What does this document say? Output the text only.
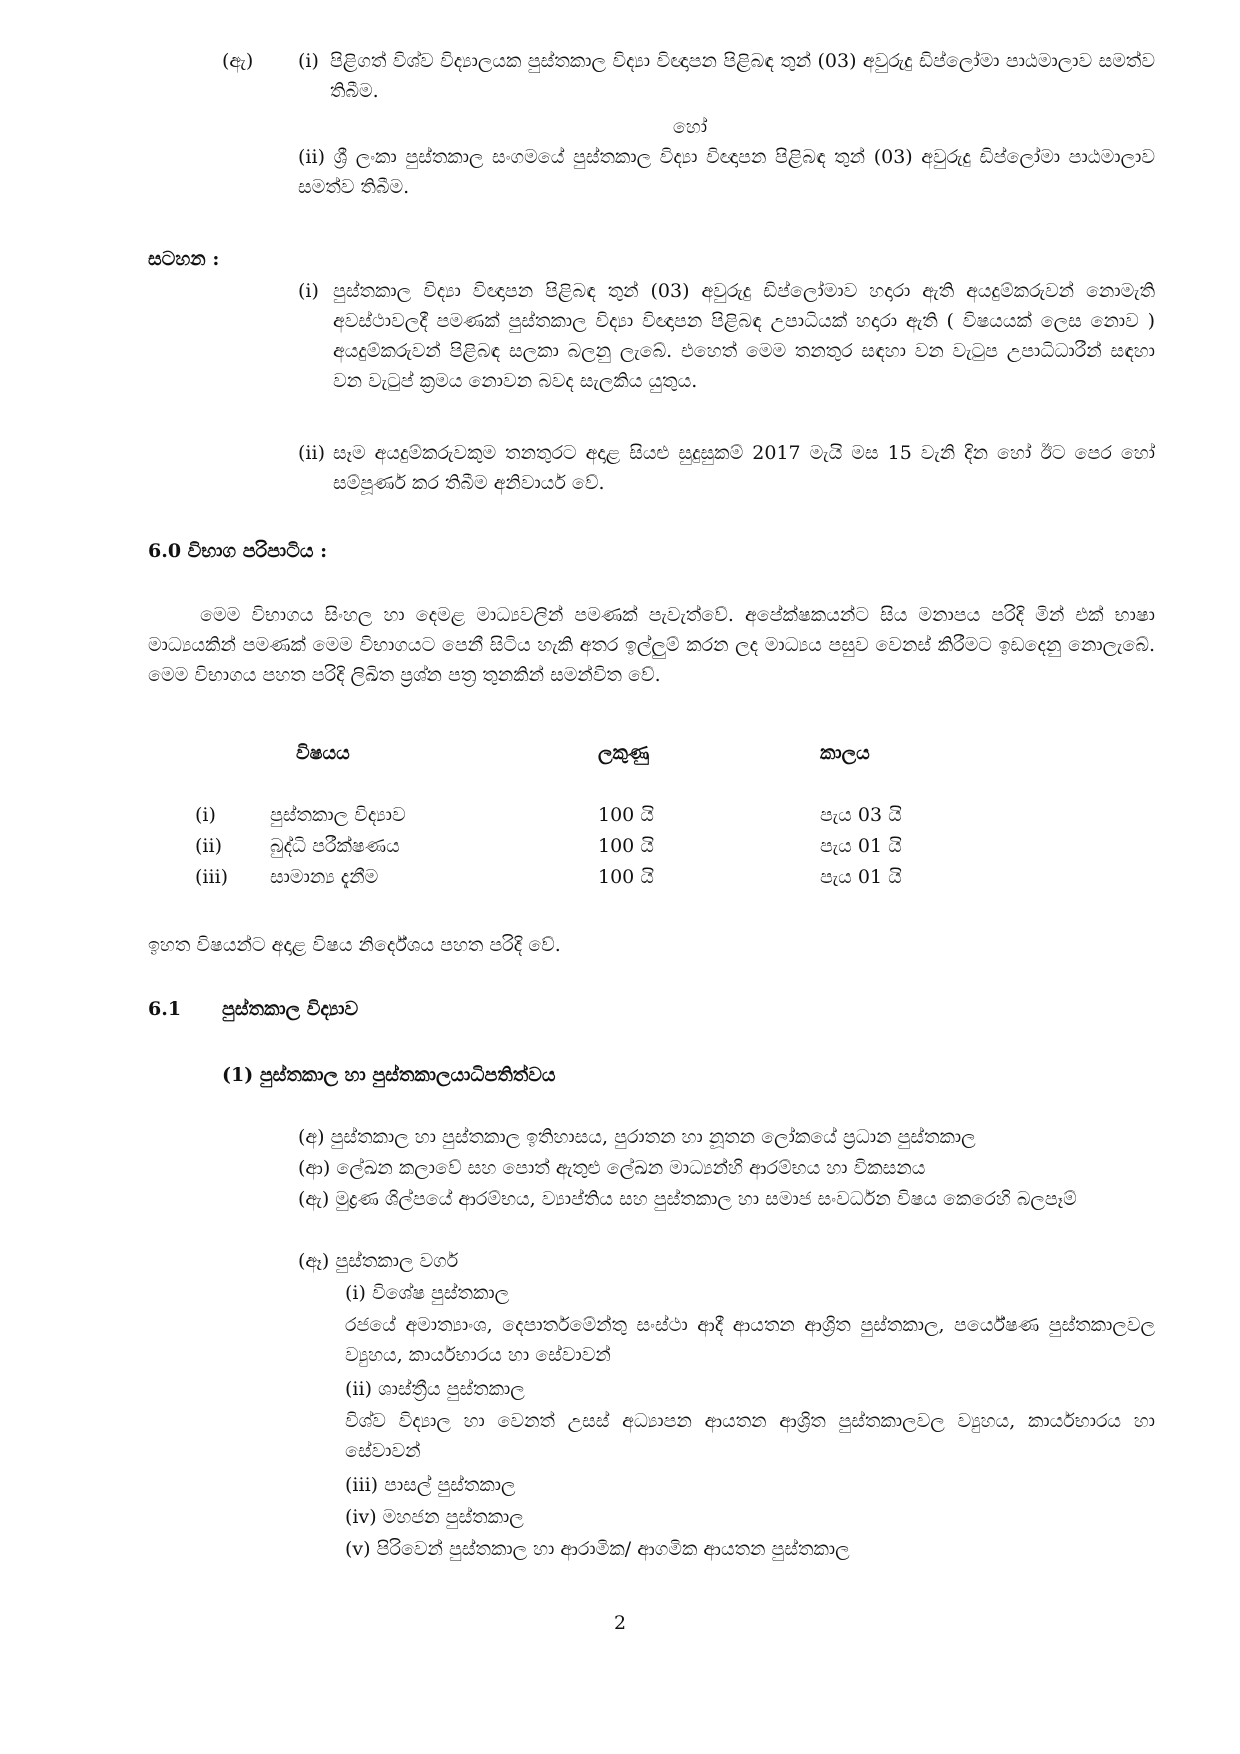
(ඇ) (i) පිළිගත් විශ්ව විද්‍යාලයක පුස්තකාල විද්‍යා විඥාපන පිළිබඳ තුන් (03) අවුරුදු ඩිප්ලෝමා පාඨමාලාව සමත්ව තිබීම.
හෝ
(ii) ශ්‍රී ලංකා පුස්තකාල සංගමයේ පුස්තකාල විද්‍යා විඥාපන පිළිබඳ තුන් (03) අවුරුදු ඩිප්ලෝමා පාඨමාලාව සමත්ව තිබීම.
සටහන :
(i) පුස්තකාල විද්‍යා විඥාපන පිළිබඳ තුන් (03) අවුරුදු ඩිප්ලෝමාව හදාරා ඇති අයදුම්කරුවන් නොමැති අවස්ථාවලදී පමණක් පුස්තකාල විද්‍යා විඥාපන පිළිබඳ උපාධියක් හදාරා ඇති ( විෂයයක් ලෙස නොව ) අයදුම්කරුවන් පිළිබඳ සලකා බලනු ලැබේ. එහෙත් මෙම තනතුර සඳහා වන වැටුප උපාධිධාරීන් සඳහා වන වැටුප් ක්‍රමය නොවන බවද සැලකිය යුතුය.
(ii) සෑම අයදුම්කරුවකුම තනතුරට අදාළ සියළු සුදුසුකම් 2017 මැයි මස 15 වැනි දින හෝ ඊට පෙර හෝ සම්පූර්ණ කර තිබීම අනිවාර්ය වේ.
6.0 විභාග පරිපාටිය :
මෙම විභාගය සිංහල හා දෙමළ මාධ්‍යවලින් පමණක් පැවැත්වේ. අපේක්ෂකයන්ට සිය මනාපය පරිදි මින් එක් භාෂා මාධ්‍යයකින් පමණක් මෙම විභාගයට පෙනී සිටිය හැකි අතර ඉල්ලුම් කරන ලද මාධ්‍යය පසුව වෙනස් කිරීමට ඉඩදෙනු නොලැබේ. මෙම විභාගය පහත පරිදි ලිඛිත ප්‍රශ්න පත්‍ර තුනකින් සමන්විත වේ.
විෂයය	ලකුණු	කාලය
(i)	පුස්තකාල විද්‍යාව	100 යි	පැය 03 යි
(ii)	බුද්ධි පරීක්ෂණය	100 යි	පැය 01 යි
(iii) සාමාන්‍ය දැනීම	100 යි	පැය 01 යි
ඉහත විෂයන්ට අදාළ විෂය නිර්දේශය පහත පරිදි වේ.
6.1 පුස්තකාල විද්‍යාව
(1) පුස්තකාල හා පුස්තකාලයාධිපතිත්වය
(අ) පුස්තකාල හා පුස්තකාල ඉතිහාසය, පුරාතන හා නූතන ලෝකයේ ප්‍රධාන පුස්තකාල
(ආ) ලේඛන කලාවේ සහ පොත් ඇතුළු ලේඛන මාධ්‍යන්හි ආරම්භය හා විකසනය
(ඇ) මුද්‍රණ ශිල්පයේ ආරම්භය, ව්‍යාප්තිය සහ පුස්තකාල හා සමාජ සංවර්ධන විෂය කෙරෙහි බලපෑම්
(ඈ) පුස්තකාල වර්ග
(i) විශේෂ පුස්තකාල
රජයේ අමාත්‍යාංශ, දෙපාර්තමේන්තු සංස්ථා ආදී ආයතන ආශ්‍රිත පුස්තකාල, පර්යේෂණ පුස්තකාලවල ව්‍යුහය, කාර්යභාරය හා සේවාවන්
(ii) ශාස්ත්‍රීය පුස්තකාල
විශ්ව විද්‍යාල හා වෙනත් උසස් අධ්‍යාපන ආයතන ආශ්‍රිත පුස්තකාලවල ව්‍යුහය, කාර්යභාරය හා සේවාවන්
(iii) පාසල් පුස්තකාල
(iv) මහජන පුස්තකාල
(v) පිරිවෙන් පුස්තකාල හා ආරාමික/ ආගමික ආයතන පුස්තකාල
2
